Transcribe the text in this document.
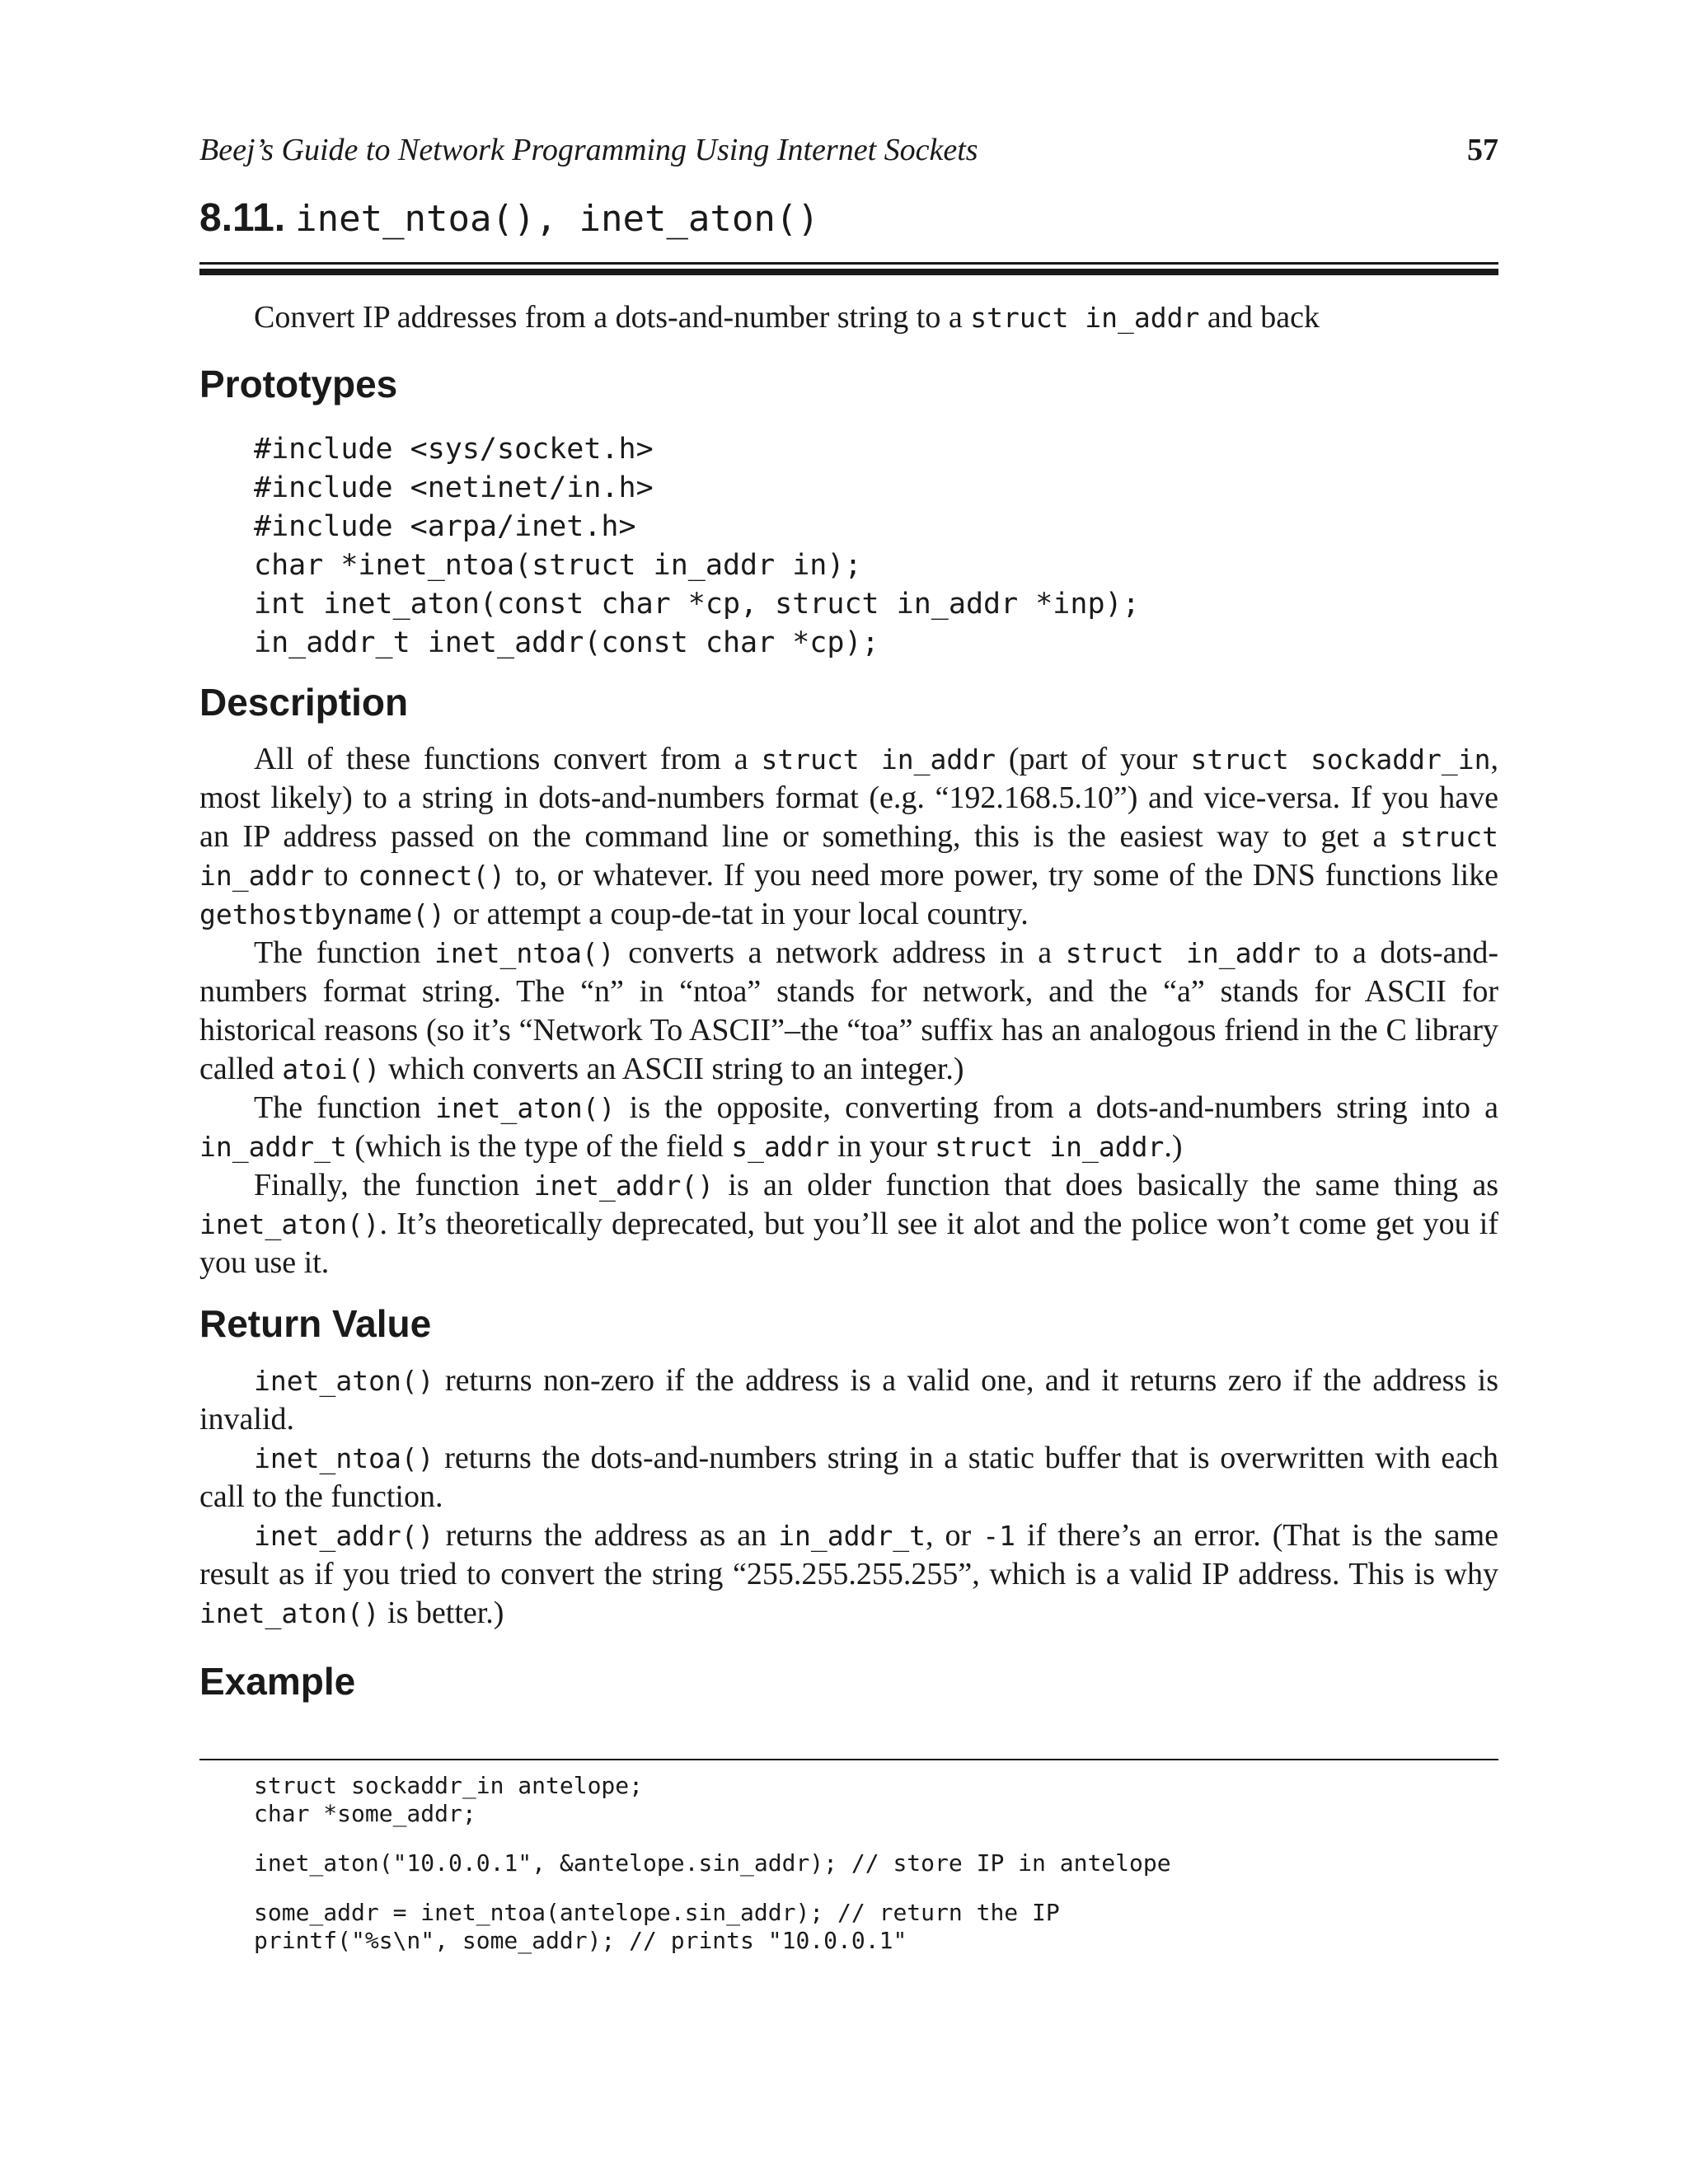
Beej’s Guide to Network Programming Using Internet Sockets	57
8.11. inet_ntoa(), inet_aton()
Convert IP addresses from a dots-and-number string to a struct in_addr and back
Prototypes
#include <sys/socket.h>
#include <netinet/in.h>
#include <arpa/inet.h>
char *inet_ntoa(struct in_addr in);
int inet_aton(const char *cp, struct in_addr *inp);
in_addr_t inet_addr(const char *cp);
Description
All of these functions convert from a struct in_addr (part of your struct sockaddr_in, most likely) to a string in dots-and-numbers format (e.g. “192.168.5.10”) and vice-versa. If you have an IP address passed on the command line or something, this is the easiest way to get a struct in_addr to connect() to, or whatever. If you need more power, try some of the DNS functions like gethostbyname() or attempt a coup-de-tat in your local country.
The function inet_ntoa() converts a network address in a struct in_addr to a dots-and-numbers format string. The “n” in “ntoa” stands for network, and the “a” stands for ASCII for historical reasons (so it’s “Network To ASCII”–the “toa” suffix has an analogous friend in the C library called atoi() which converts an ASCII string to an integer.)
The function inet_aton() is the opposite, converting from a dots-and-numbers string into a in_addr_t (which is the type of the field s_addr in your struct in_addr.)
Finally, the function inet_addr() is an older function that does basically the same thing as inet_aton(). It’s theoretically deprecated, but you’ll see it alot and the police won’t come get you if you use it.
Return Value
inet_aton() returns non-zero if the address is a valid one, and it returns zero if the address is invalid.
inet_ntoa() returns the dots-and-numbers string in a static buffer that is overwritten with each call to the function.
inet_addr() returns the address as an in_addr_t, or -1 if there’s an error. (That is the same result as if you tried to convert the string “255.255.255.255”, which is a valid IP address. This is why inet_aton() is better.)
Example
struct sockaddr_in antelope;
char *some_addr;
inet_aton("10.0.0.1", &antelope.sin_addr); // store IP in antelope
some_addr = inet_ntoa(antelope.sin_addr); // return the IP
printf("%s\n", some_addr); // prints "10.0.0.1"
